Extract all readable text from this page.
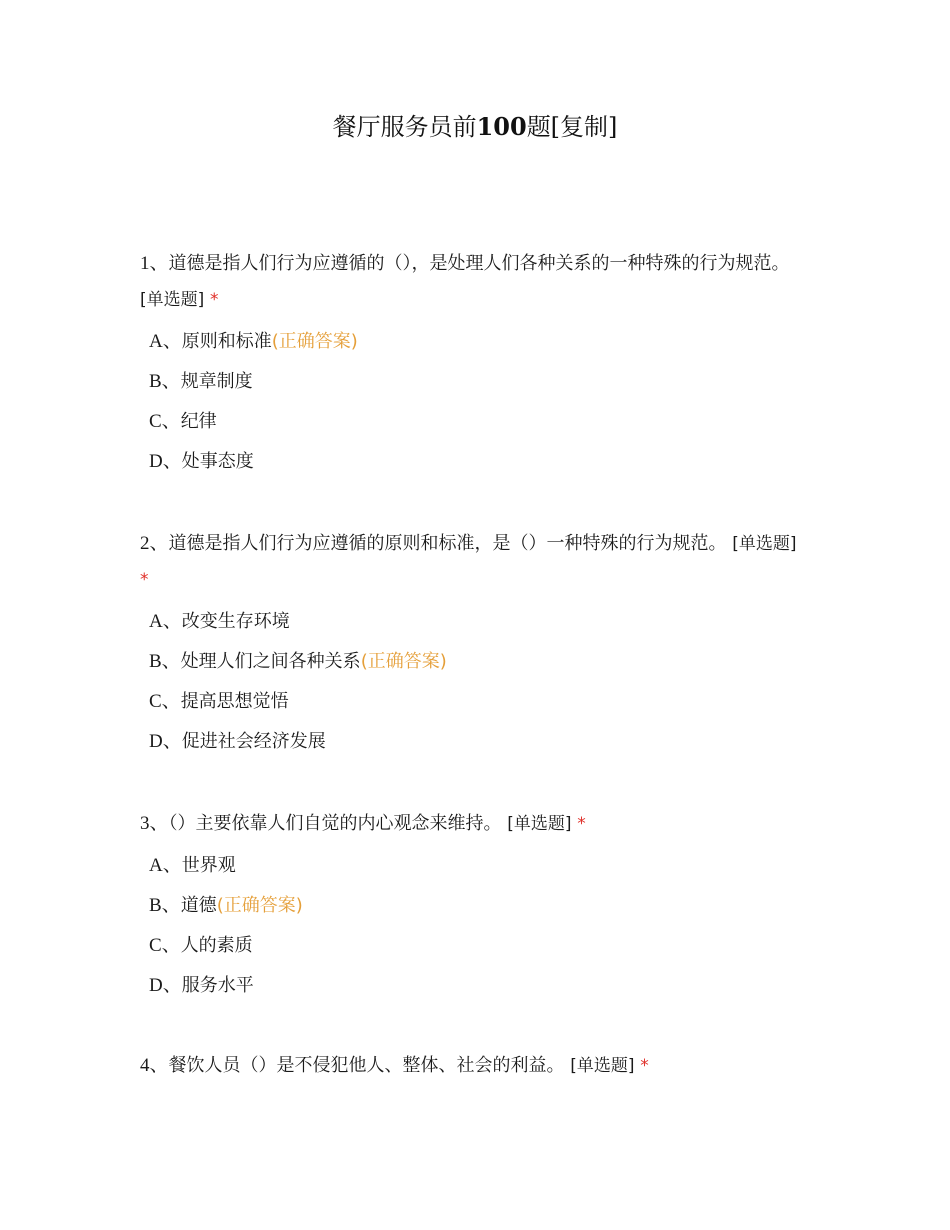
餐厅服务员前100题[复制]

1、道德是指人们行为应遵循的（），是处理人们各种关系的一种特殊的行为规范。 [单选题] *

A、原则和标准(正确答案)
B、规章制度
C、纪律
D、处事态度

2、道德是指人们行为应遵循的原则和标准，是（）一种特殊的行为规范。 [单选题] *

A、改变生存环境
B、处理人们之间各种关系(正确答案)
C、提高思想觉悟
D、促进社会经济发展

3、（）主要依靠人们自觉的内心观念来维持。 [单选题] *

A、世界观
B、道德(正确答案)
C、人的素质
D、服务水平

4、餐饮人员（）是不侵犯他人、整体、社会的利益。 [单选题] *
